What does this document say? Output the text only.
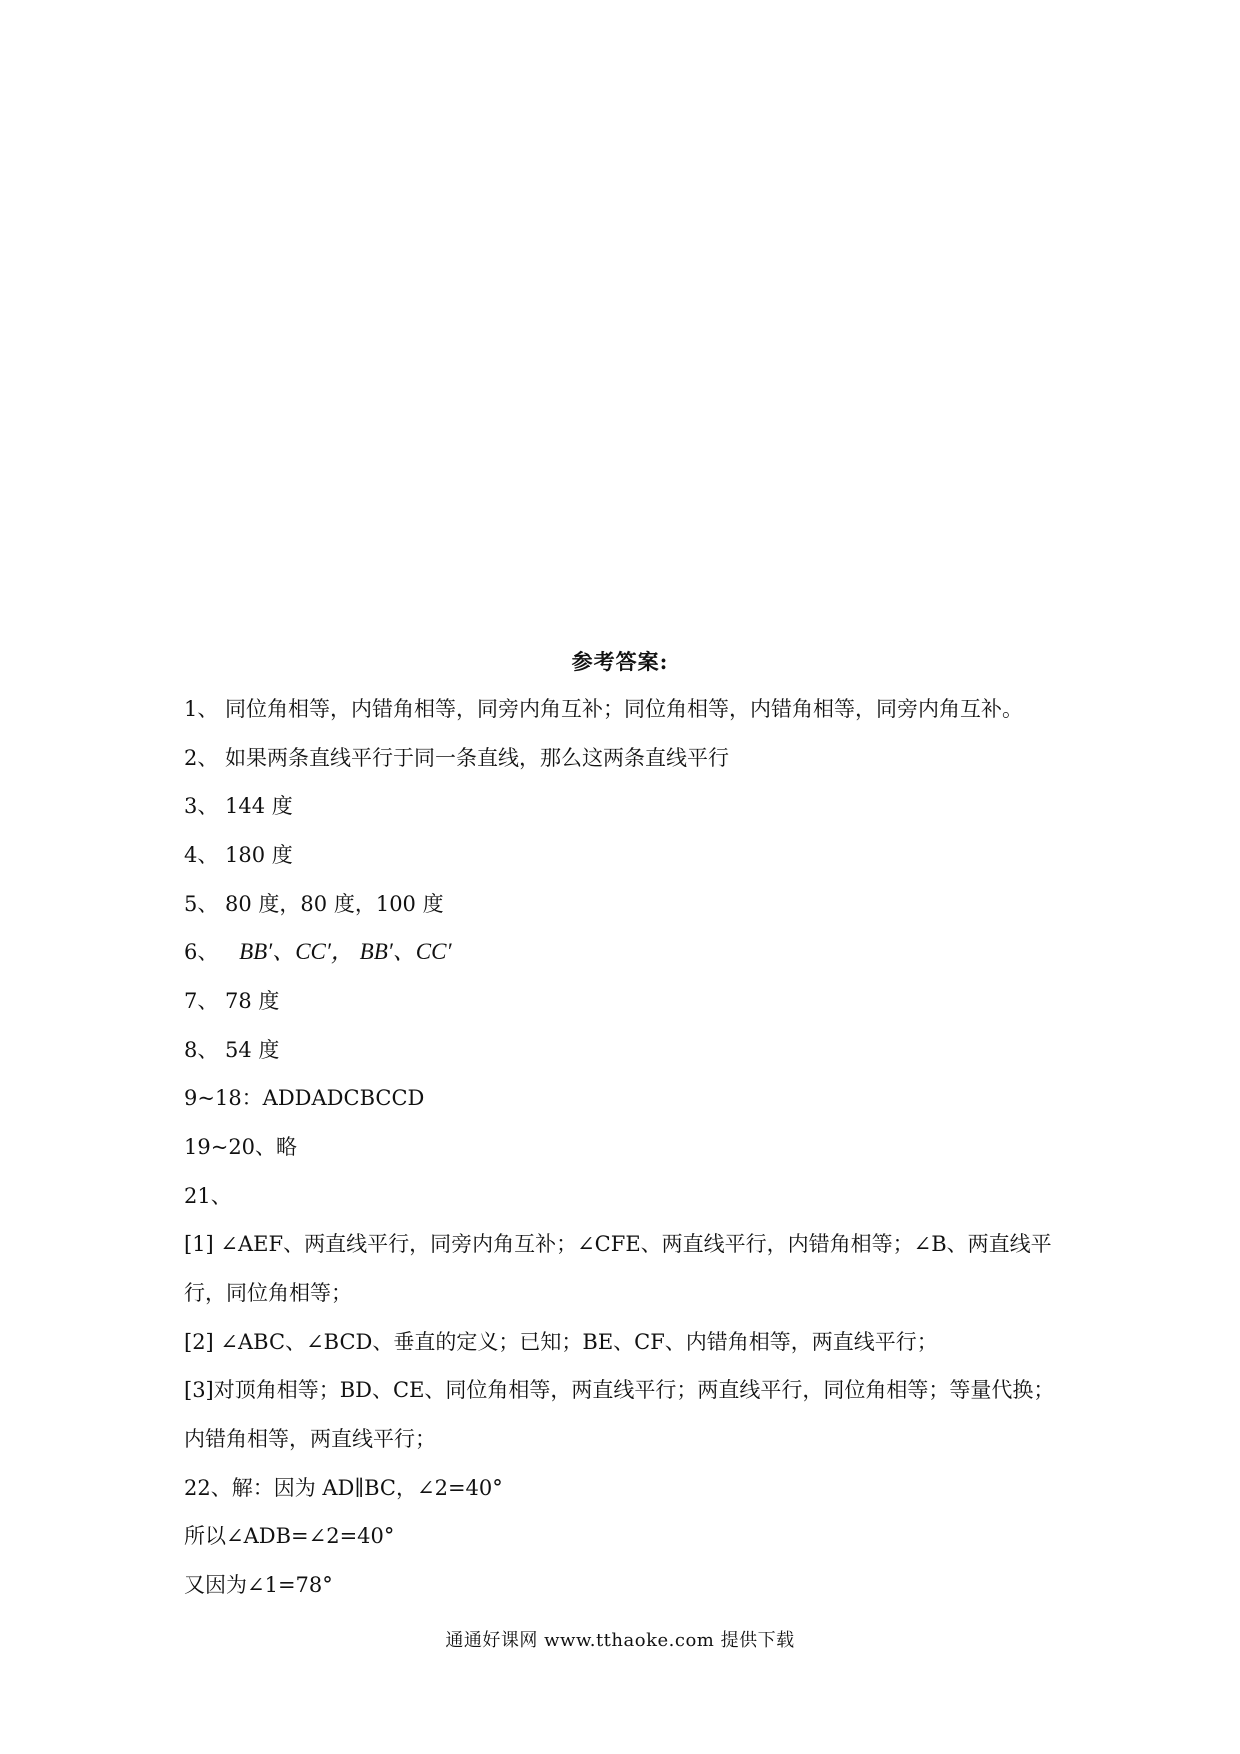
参考答案:
1、 同位角相等，内错角相等，同旁内角互补；同位角相等，内错角相等，同旁内角互补。
2、 如果两条直线平行于同一条直线，那么这两条直线平行
3、 144 度
4、 180 度
5、 80 度，80 度，100 度
6、 BB′、CC′， BB′、CC′
7、 78 度
8、 54 度
9~18：ADDADCBCCD
19~20、略
21、
[1] ∠AEF、两直线平行，同旁内角互补；∠CFE、两直线平行，内错角相等；∠B、两直线平
行，同位角相等；
[2] ∠ABC、∠BCD、垂直的定义；已知；BE、CF、内错角相等，两直线平行；
[3]对顶角相等；BD、CE、同位角相等，两直线平行；两直线平行，同位角相等；等量代换；
内错角相等，两直线平行；
22、解：因为 AD∥BC，∠2=40°
所以∠ADB=∠2=40°
又因为∠1=78°
通通好课网 www.tthaoke.com 提供下载
